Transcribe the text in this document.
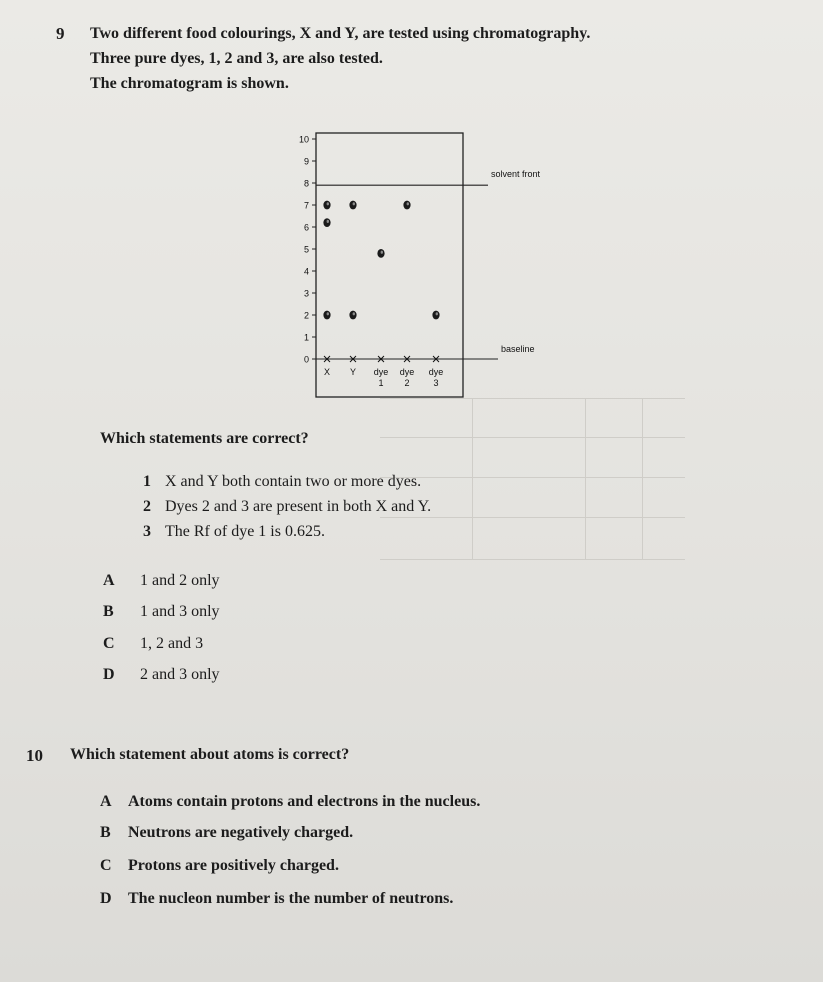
9 Two different food colourings, X and Y, are tested using chromatography.
Three pure dyes, 1, 2 and 3, are also tested.
The chromatogram is shown.
0
1
2
3
4
5
6
7
8
9
10
solvent front
baseline
X Y dye
1
dye
2
dye
3
Which statements are correct?
1 X and Y both contain two or more dyes.
2 Dyes 2 and 3 are present in both X and Y.
3 The Rf of dye 1 is 0.625.
A 1 and 2 only
B 1 and 3 only
C 1, 2 and 3
D 2 and 3 only
10 Which statement about atoms is correct?
A Atoms contain protons and electrons in the nucleus.
B Neutrons are negatively charged.
C Protons are positively charged.
D The nucleon number is the number of neutrons.
